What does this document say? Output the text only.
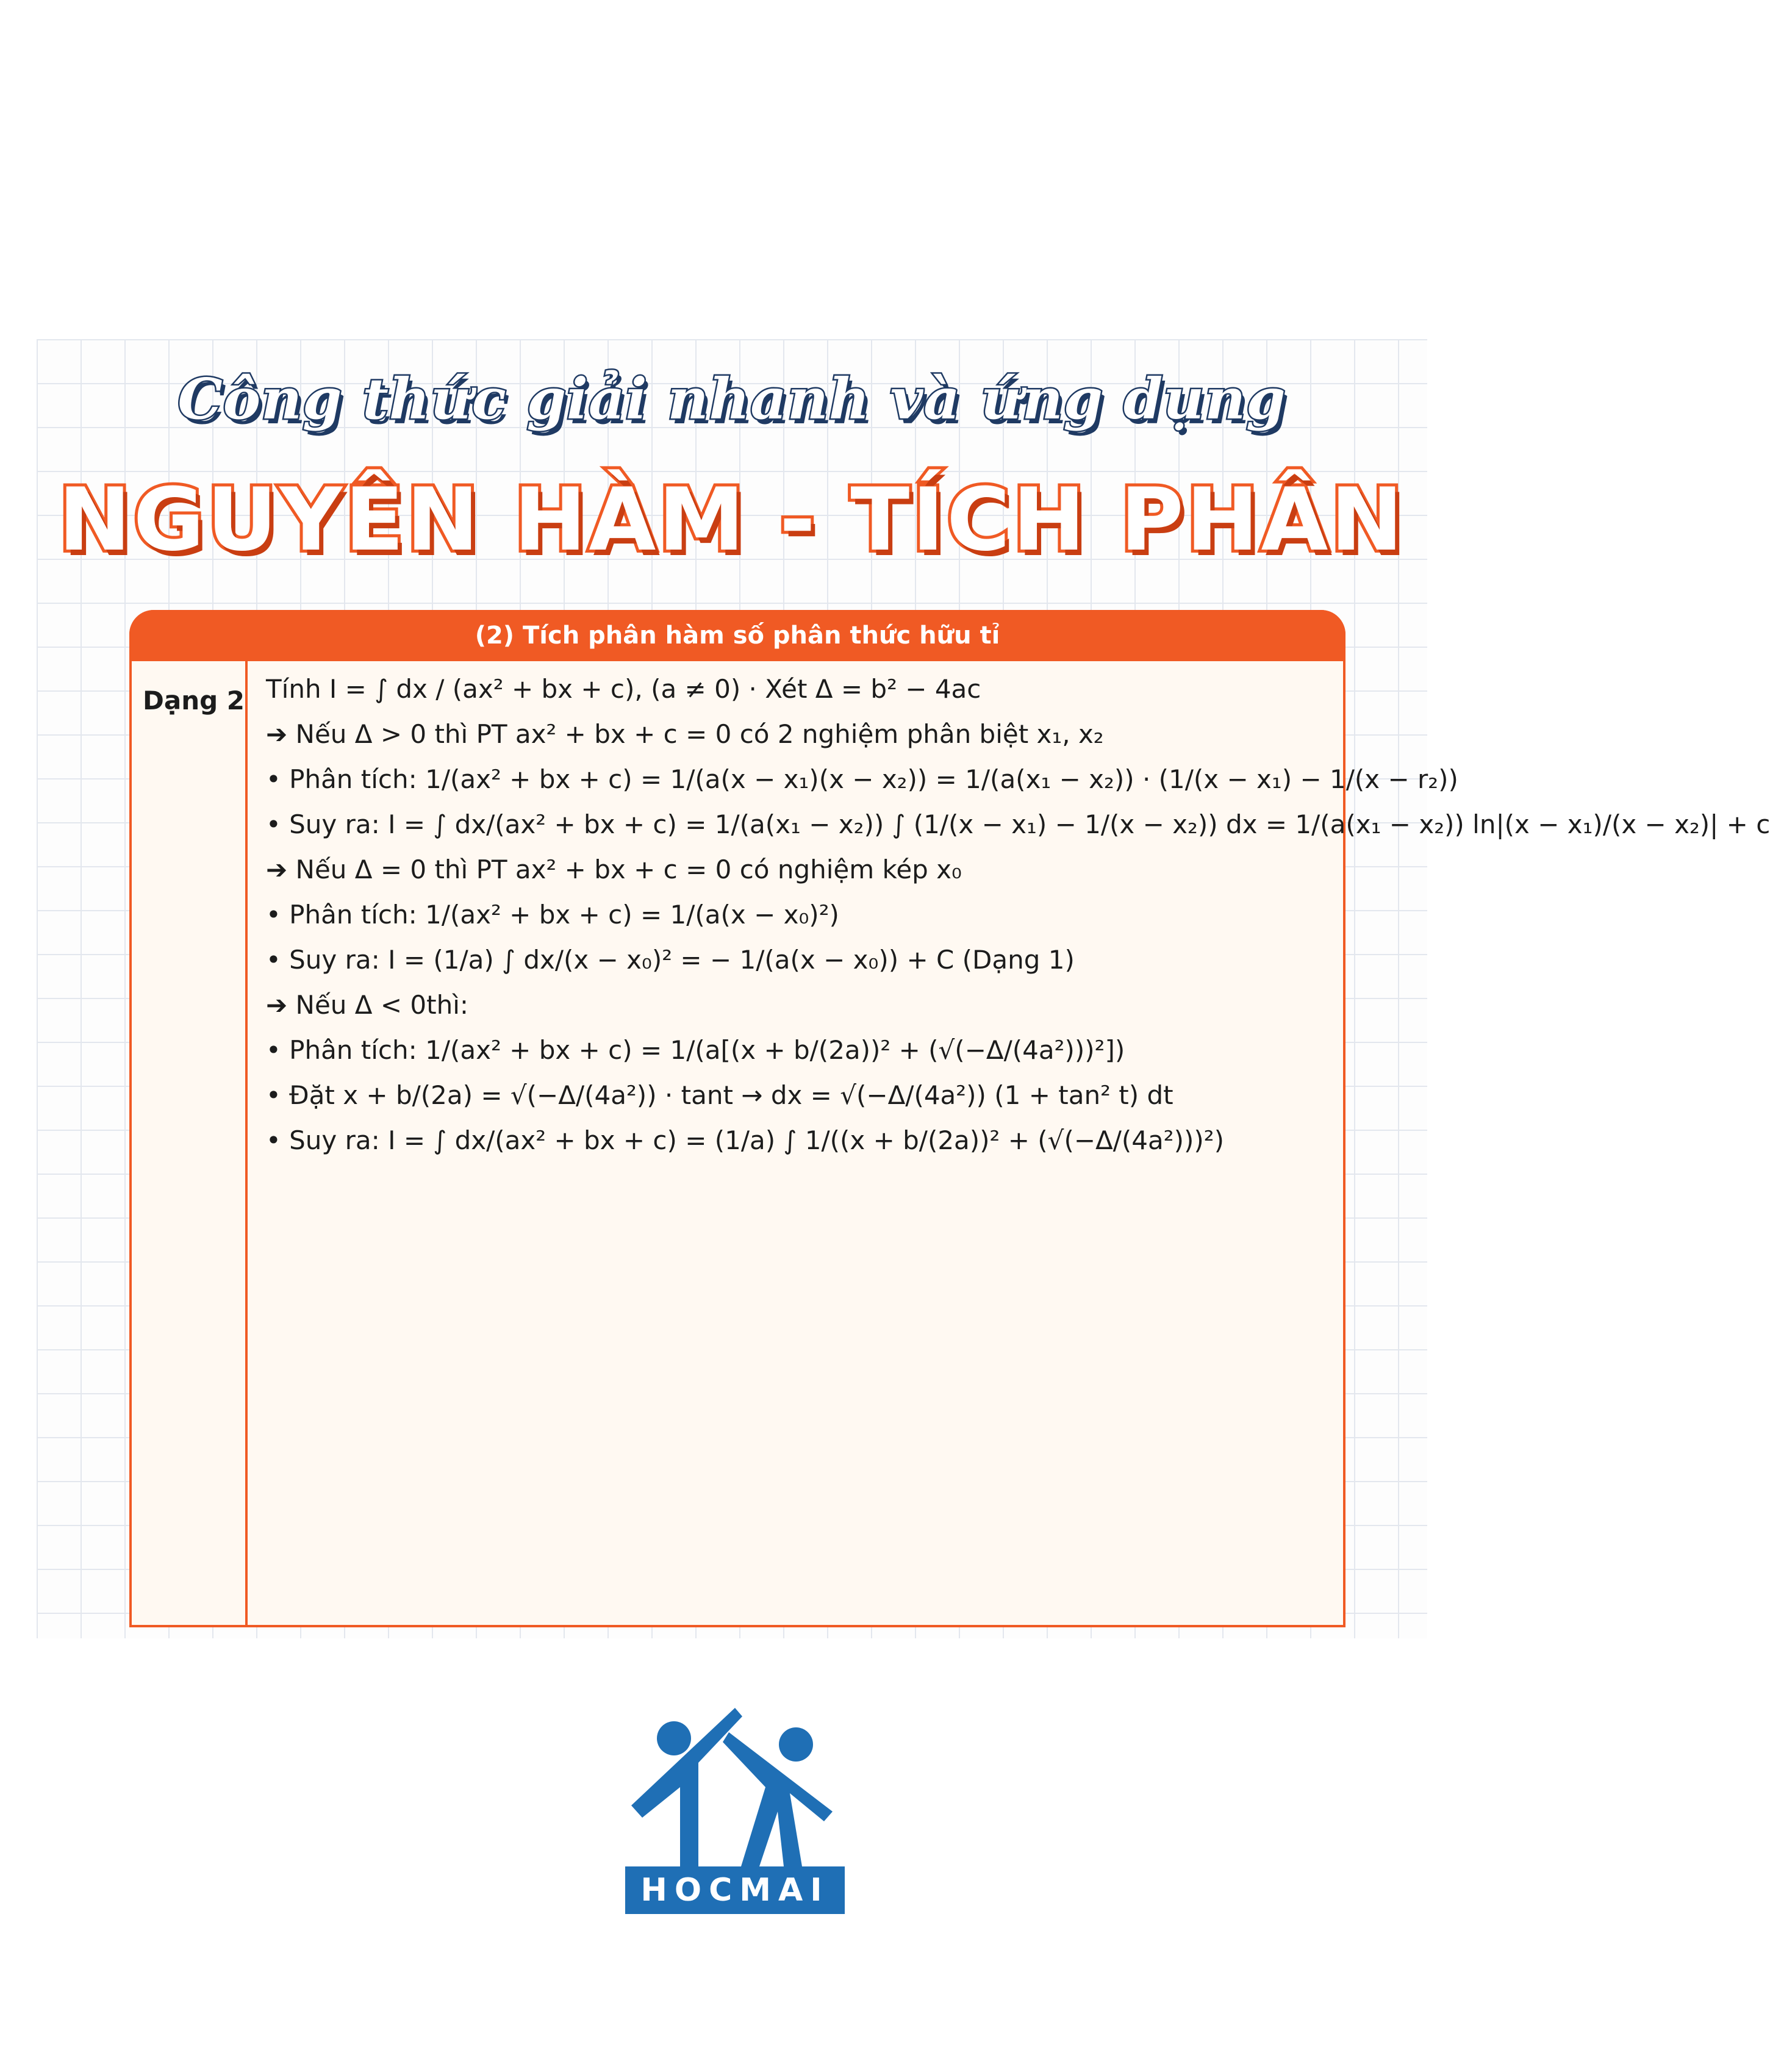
Công thức giải nhanh và ứng dụng
NGUYÊN HÀM - TÍCH PHÂN
(2) Tích phân hàm số phân thức hữu tỉ
Dạng 2 Tính I = ∫ dx / (ax² + bx + c), (a ≠ 0) · Xét Δ = b² − 4ac
➔ Nếu Δ > 0 thì PT ax² + bx + c = 0 có 2 nghiệm phân biệt x₁, x₂
• Phân tích: 1/(ax² + bx + c) = 1/(a(x − x₁)(x − x₂)) = 1/(a(x₁ − x₂)) · (1/(x − x₁) − 1/(x − r₂))
• Suy ra: I = ∫ dx/(ax² + bx + c) = 1/(a(x₁ − x₂)) ∫ (1/(x − x₁) − 1/(x − x₂)) dx = 1/(a(x₁ − x₂)) ln|(x − x₁)/(x − x₂)| + c
➔ Nếu Δ = 0 thì PT ax² + bx + c = 0 có nghiệm kép x₀
• Phân tích: 1/(ax² + bx + c) = 1/(a(x − x₀)²)
• Suy ra: I = (1/a) ∫ dx/(x − x₀)² = − 1/(a(x − x₀)) + C (Dạng 1)
➔ Nếu Δ < 0thì:
• Phân tích: 1/(ax² + bx + c) = 1/(a[(x + b/(2a))² + (√(−Δ/(4a²)))²])
• Đặt x + b/(2a) = √(−Δ/(4a²)) · tant → dx = √(−Δ/(4a²)) (1 + tan² t) dt
• Suy ra: I = ∫ dx/(ax² + bx + c) = (1/a) ∫ 1/((x + b/(2a))² + (√(−Δ/(4a²)))²)
HOCMAI
